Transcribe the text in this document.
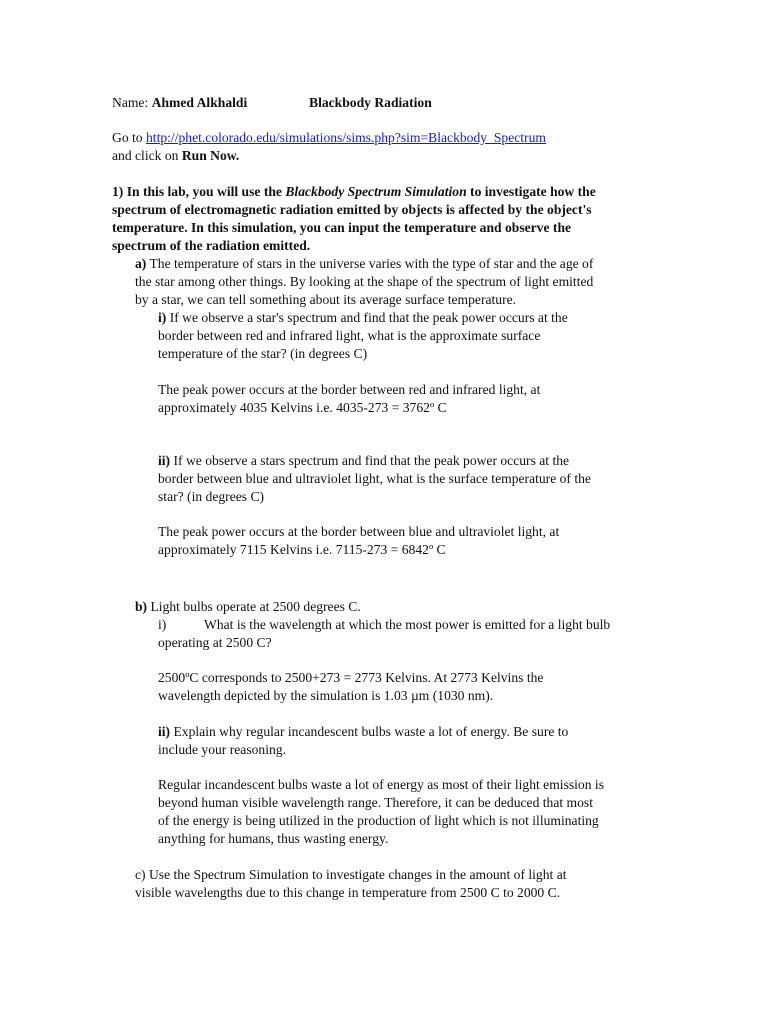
Name: Ahmed Alkhaldi	Blackbody Radiation
Go to http://phet.colorado.edu/simulations/sims.php?sim=Blackbody_Spectrum
and click on Run Now.
1) In this lab, you will use the Blackbody Spectrum Simulation to investigate how the
spectrum of electromagnetic radiation emitted by objects is affected by the object's
temperature. In this simulation, you can input the temperature and observe the
spectrum of the radiation emitted.
a) The temperature of stars in the universe varies with the type of star and the age of
the star among other things. By looking at the shape of the spectrum of light emitted
by a star, we can tell something about its average surface temperature.
i) If we observe a star's spectrum and find that the peak power occurs at the
border between red and infrared light, what is the approximate surface
temperature of the star? (in degrees C)
The peak power occurs at the border between red and infrared light, at
approximately 4035 Kelvins i.e. 4035-273 = 3762º C
ii) If we observe a stars spectrum and find that the peak power occurs at the
border between blue and ultraviolet light, what is the surface temperature of the
star? (in degrees C)
The peak power occurs at the border between blue and ultraviolet light, at
approximately 7115 Kelvins i.e. 7115-273 = 6842º C
b) Light bulbs operate at 2500 degrees C.
i)	What is the wavelength at which the most power is emitted for a light bulb
operating at 2500 C?
2500ºC corresponds to 2500+273 = 2773 Kelvins. At 2773 Kelvins the
wavelength depicted by the simulation is 1.03 µm (1030 nm).
ii) Explain why regular incandescent bulbs waste a lot of energy. Be sure to
include your reasoning.
Regular incandescent bulbs waste a lot of energy as most of their light emission is
beyond human visible wavelength range. Therefore, it can be deduced that most
of the energy is being utilized in the production of light which is not illuminating
anything for humans, thus wasting energy.
c) Use the Spectrum Simulation to investigate changes in the amount of light at
visible wavelengths due to this change in temperature from 2500 C to 2000 C.
